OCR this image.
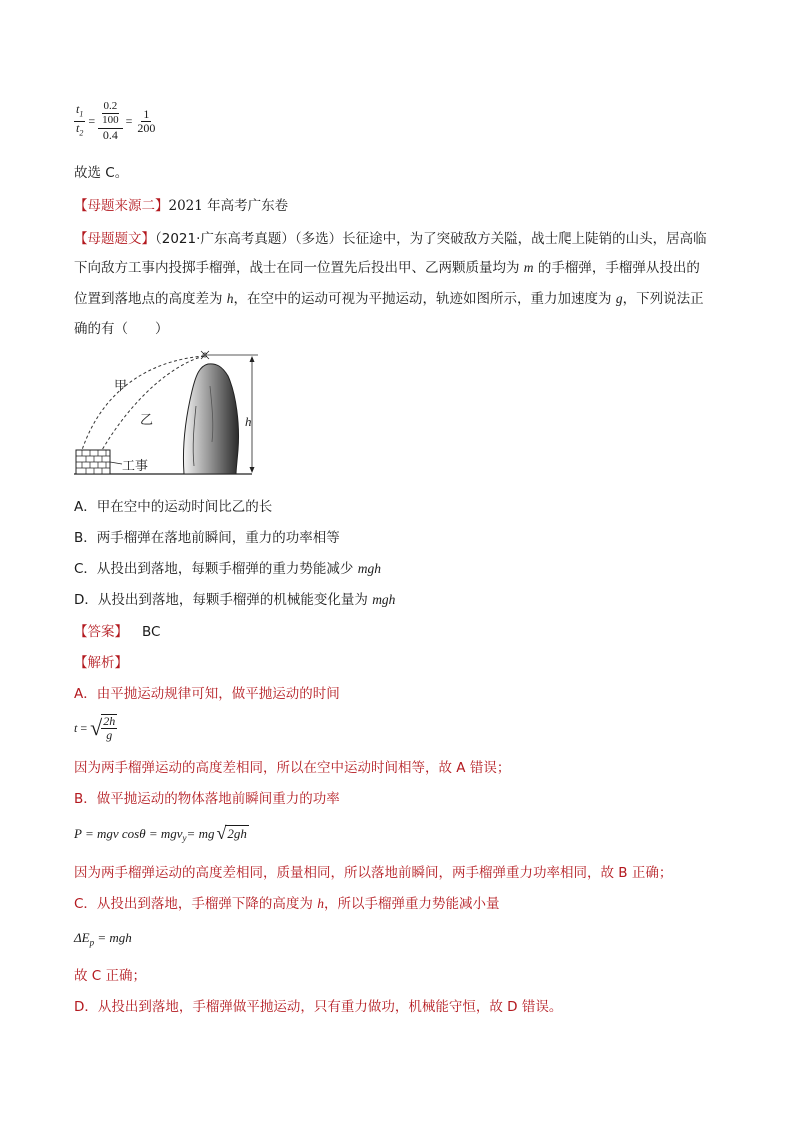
$\frac{t_1}{t_2} = \frac{\frac{0.2}{100}}{0.4} = \frac{1}{200}$
故选 C。
【母题来源二】2021 年高考广东卷
【母题题文】（2021·广东高考真题）（多选）长征途中，为了突破敌方关隘，战士爬上陡销的山头，居高临
下向敌方工事内投掷手榴弹，战士在同一位置先后投出甲、乙两颗质量均为 m 的手榴弹，手榴弹从投出的
位置到落地点的高度差为 h，在空中的运动可视为平抛运动，轨迹如图所示，重力加速度为 g，下列说法正
确的有（　　）
甲
乙	h
工事
A．甲在空中的运动时间比乙的长
B．两手榴弹在落地前瞬间，重力的功率相等
C．从投出到落地，每颗手榴弹的重力势能减少 mgh
D．从投出到落地，每颗手榴弹的机械能变化量为 mgh
【答案】 BC
【解析】
A．由平抛运动规律可知，做平抛运动的时间
t = √ $\frac{2h}{g}$
因为两手榴弹运动的高度差相同，所以在空中运动时间相等，故 A 错误；
B．做平抛运动的物体落地前瞬间重力的功率
P = mgv cosθ = mgv$_y$ = mg √ 2gh
因为两手榴弹运动的高度差相同，质量相同，所以落地前瞬间，两手榴弹重力功率相同，故 B 正确；
C．从投出到落地，手榴弹下降的高度为 h，所以手榴弹重力势能减小量
$\Delta E_p$ = mgh
故 C 正确；
D．从投出到落地，手榴弹做平抛运动，只有重力做功，机械能守恒，故 D 错误。
